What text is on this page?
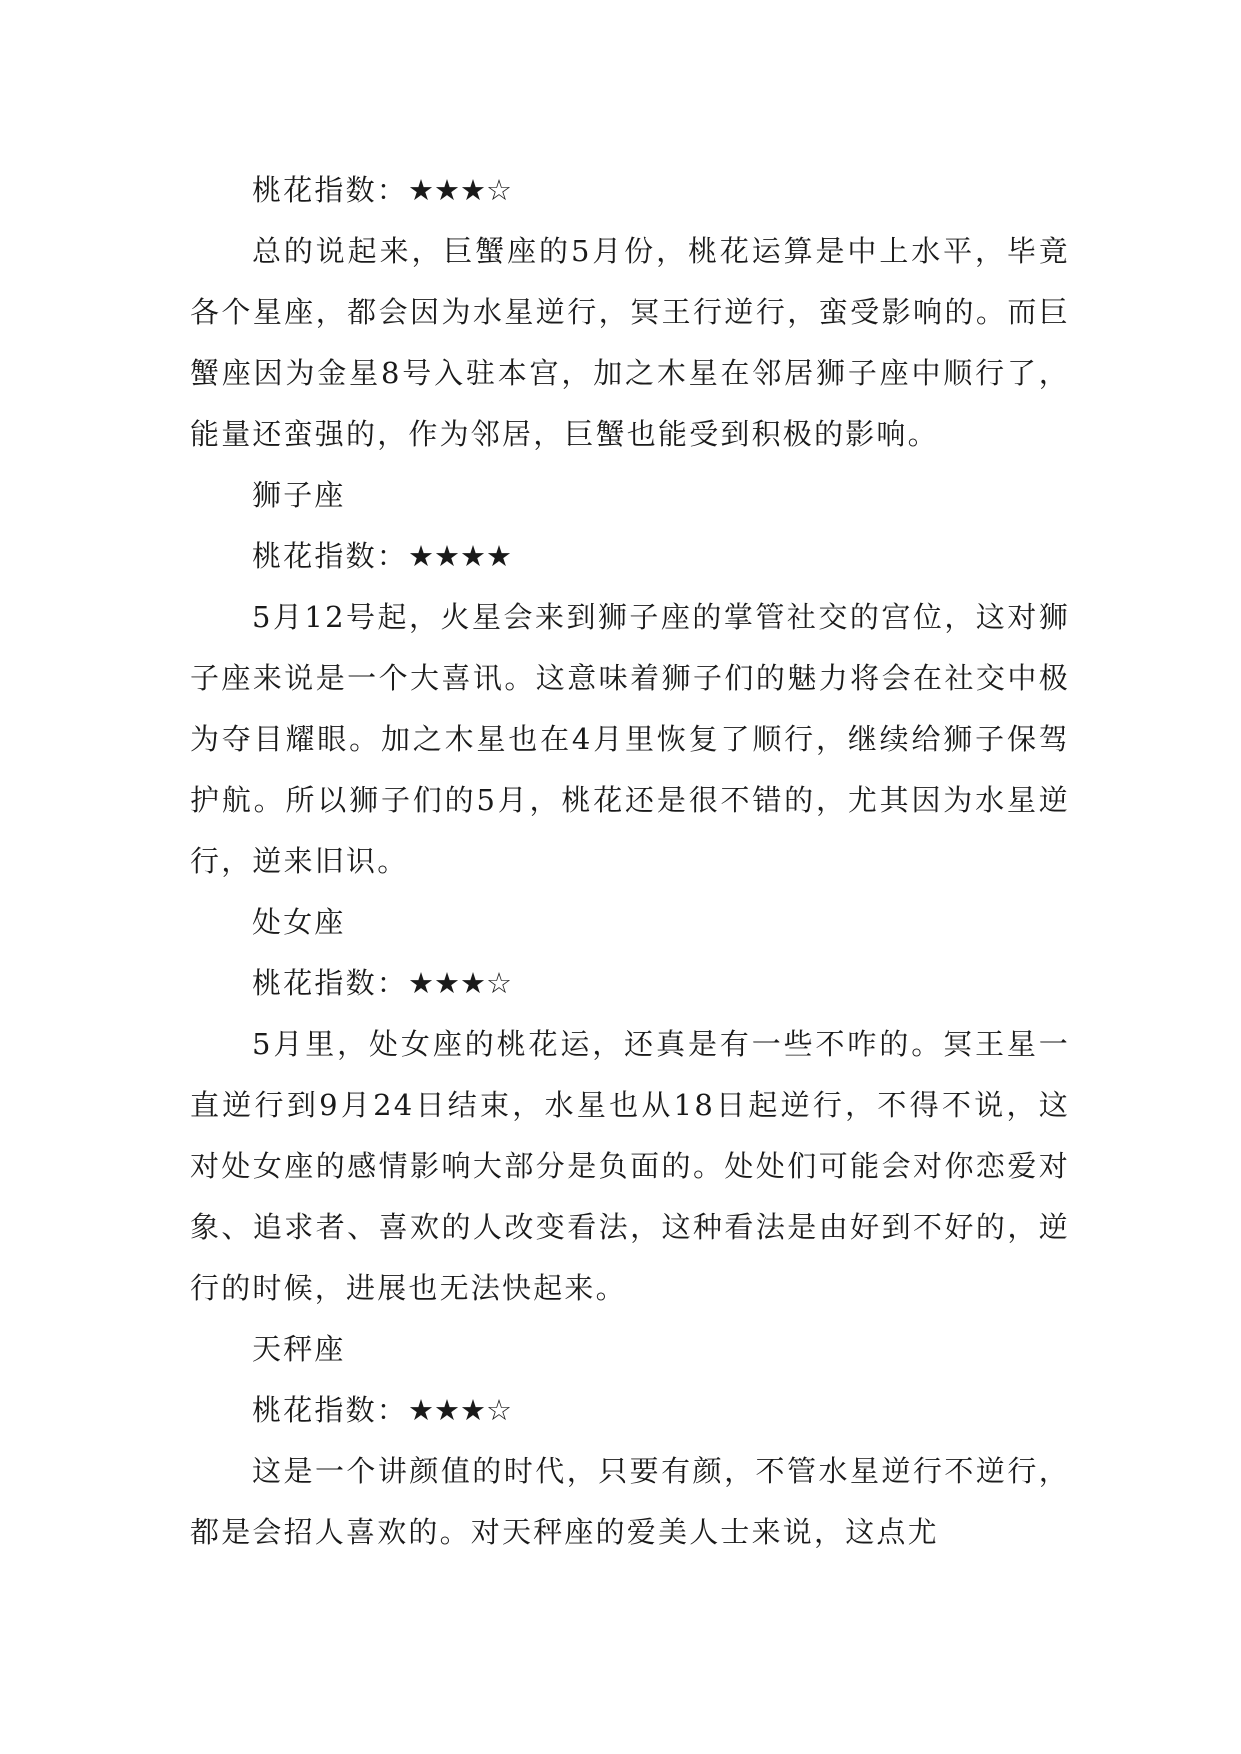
桃花指数：★★★☆

总的说起来，巨蟹座的5月份，桃花运算是中上水平，毕竟各个星座，都会因为水星逆行，冥王行逆行，蛮受影响的。而巨蟹座因为金星8号入驻本宫，加之木星在邻居狮子座中顺行了，能量还蛮强的，作为邻居，巨蟹也能受到积极的影响。

狮子座

桃花指数：★★★★

5月12号起，火星会来到狮子座的掌管社交的宫位，这对狮子座来说是一个大喜讯。这意味着狮子们的魅力将会在社交中极为夺目耀眼。加之木星也在4月里恢复了顺行，继续给狮子保驾护航。所以狮子们的5月，桃花还是很不错的，尤其因为水星逆行，逆来旧识。

处女座

桃花指数：★★★☆

5月里，处女座的桃花运，还真是有一些不咋的。冥王星一直逆行到9月24日结束，水星也从18日起逆行，不得不说，这对处女座的感情影响大部分是负面的。处处们可能会对你恋爱对象、追求者、喜欢的人改变看法，这种看法是由好到不好的，逆行的时候，进展也无法快起来。

天秤座

桃花指数：★★★☆

这是一个讲颜值的时代，只要有颜，不管水星逆行不逆行，都是会招人喜欢的。对天秤座的爱美人士来说，这点尤
